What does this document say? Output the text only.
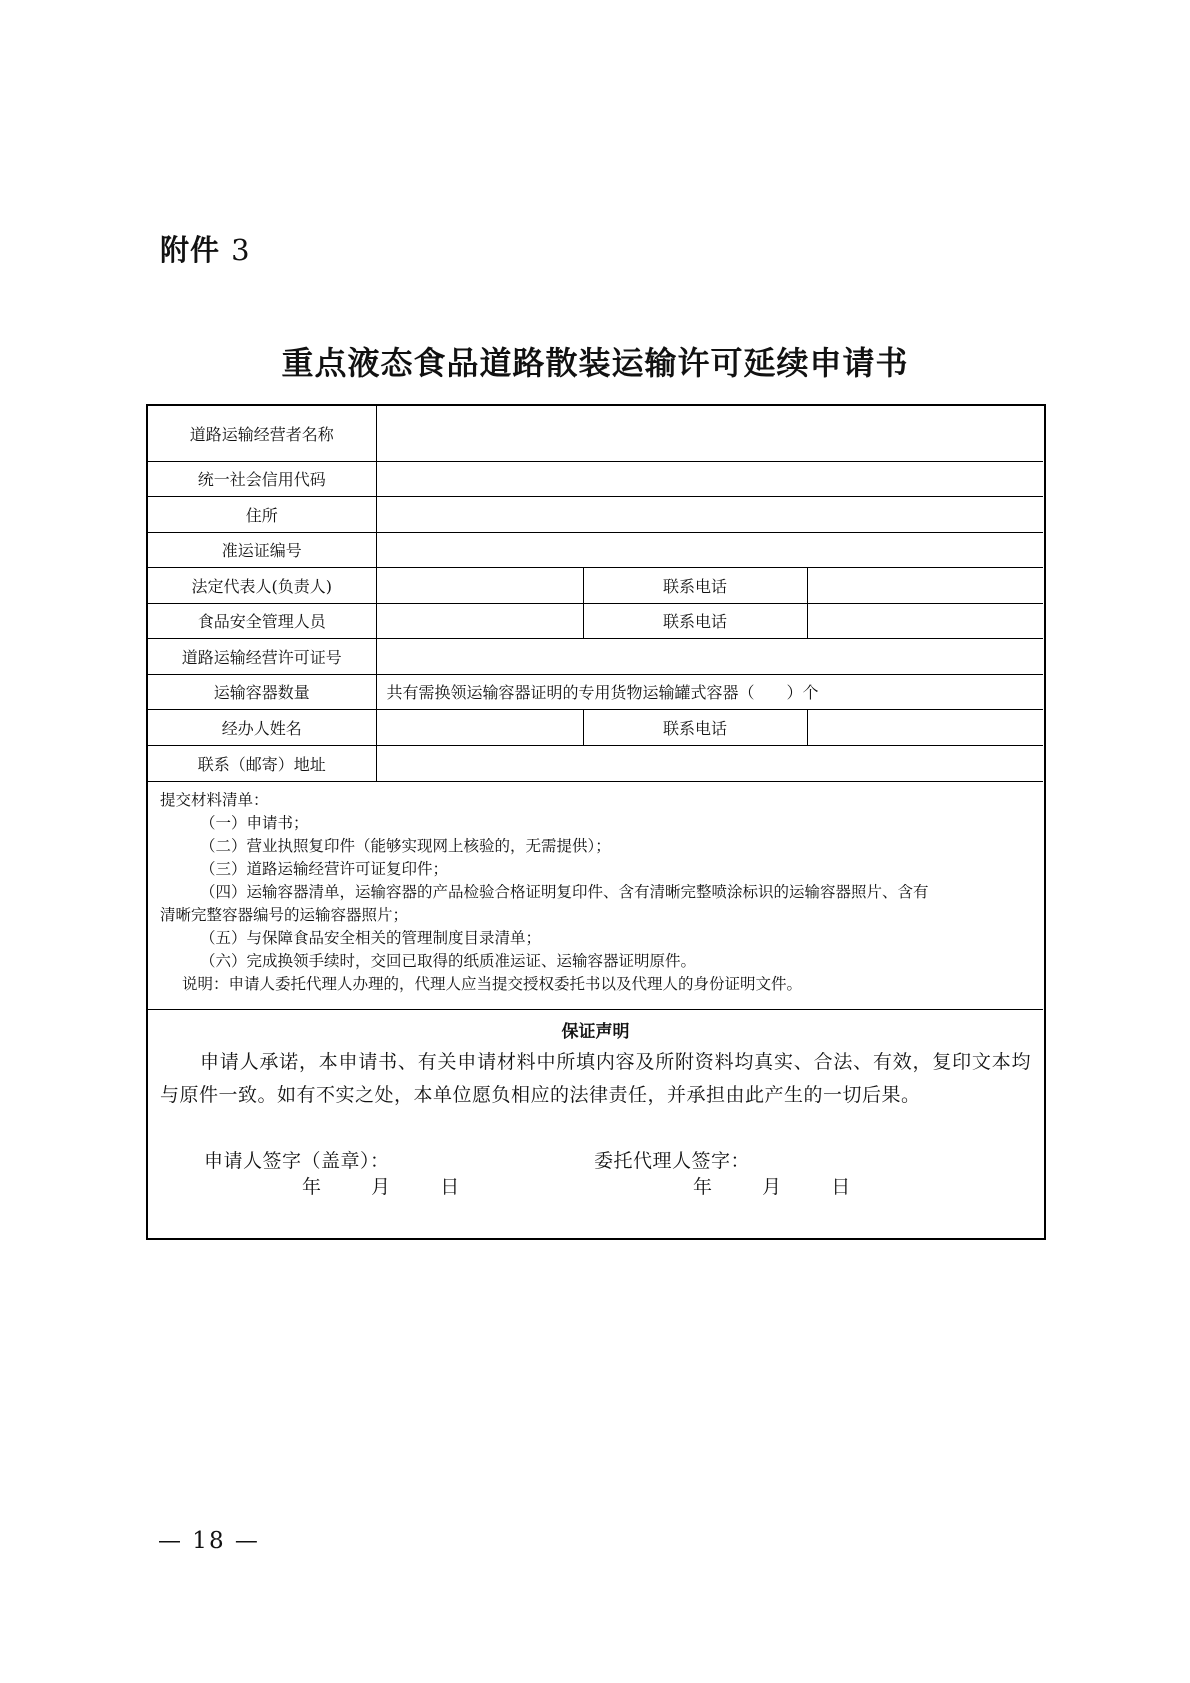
附件 3
重点液态食品道路散装运输许可延续申请书
道路运输经营者名称			
统一社会信用代码			
住所			
准运证编号			
法定代表人(负责人)		联系电话	
食品安全管理人员		联系电话	
道路运输经营许可证号			
运输容器数量	共有需换领运输容器证明的专用货物运输罐式容器（　　）个		
经办人姓名		联系电话	
联系（邮寄）地址			

提交材料清单：

（一）申请书；

（二）营业执照复印件（能够实现网上核验的，无需提供）；

（三）道路运输经营许可证复印件；

（四）运输容器清单，运输容器的产品检验合格证明复印件、含有清晰完整喷涂标识的运输容器照片、含有

清晰完整容器编号的运输容器照片；

（五）与保障食品安全相关的管理制度目录清单；

（六）完成换领手续时，交回已取得的纸质准运证、运输容器证明原件。

说明：申请人委托代理人办理的，代理人应当提交授权委托书以及代理人的身份证明文件。

保证声明

申请人承诺，本申请书、有关申请材料中所填内容及所附资料均真实、合法、有效，复印文本均与原件一致。如有不实之处，本单位愿负相应的法律责任，并承担由此产生的一切后果。

申请人签字（盖章）：	委托代理人签字：
年	月	日	年	月	日
— 18 —
